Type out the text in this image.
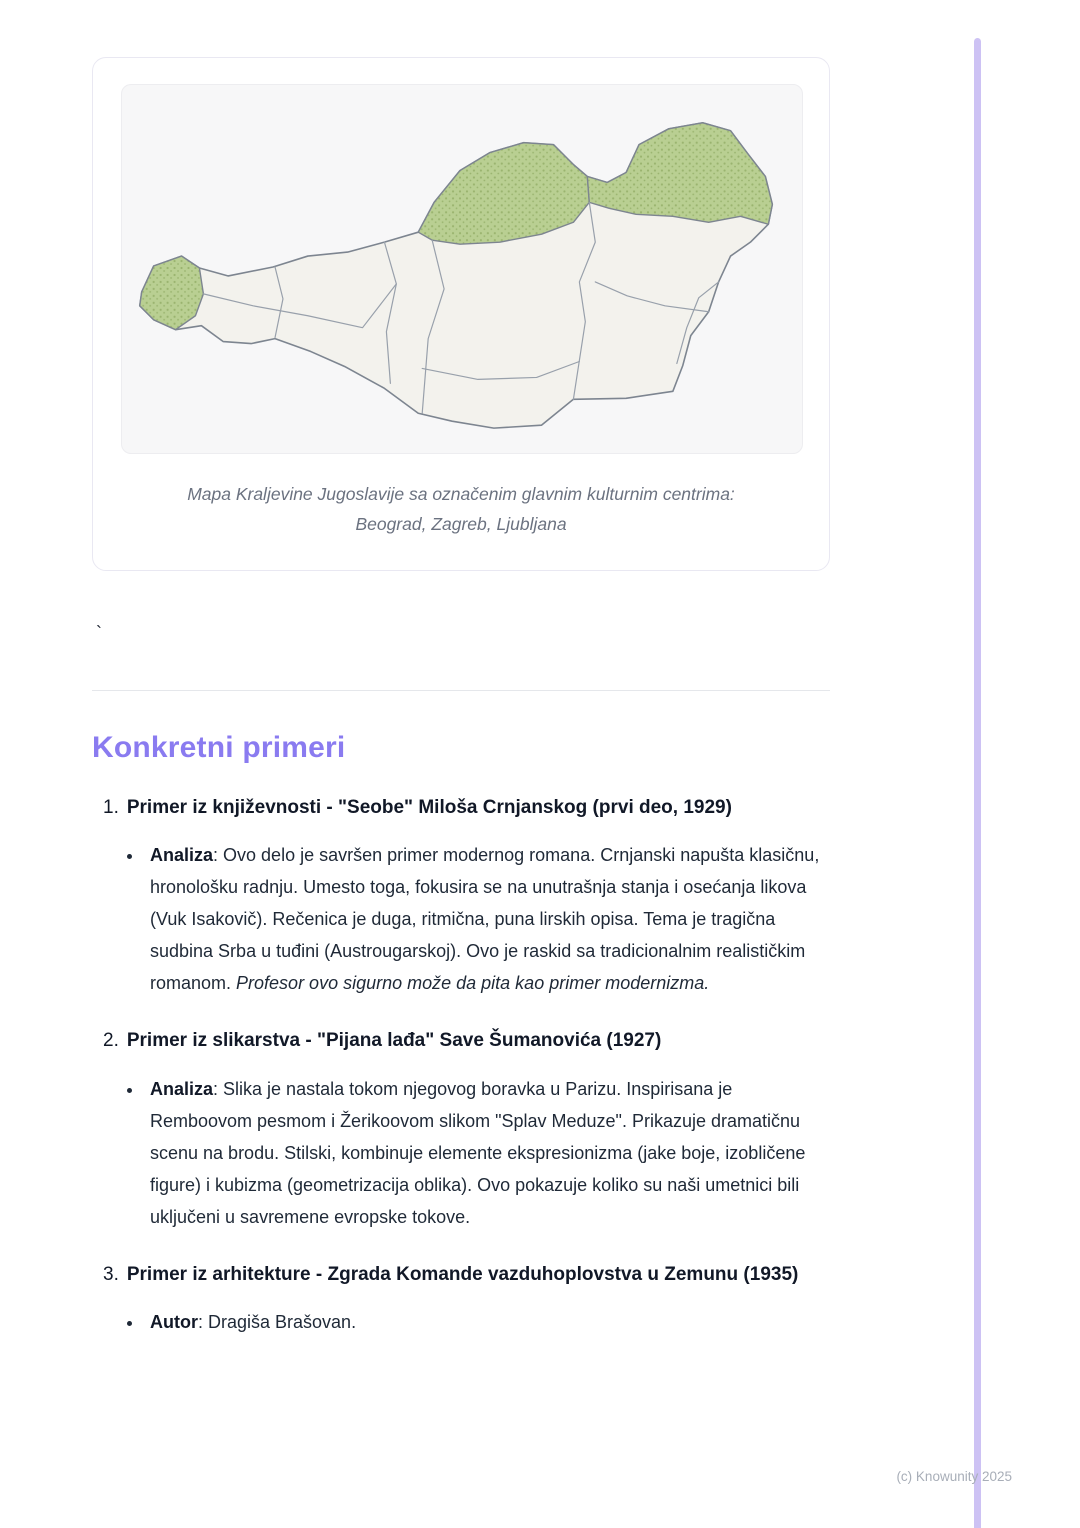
Mapa Kraljevine Jugoslavije sa označenim glavnim kulturnim centrima:
Beograd, Zagreb, Ljubljana
`
Konkretni primeri
1. Primer iz književnosti - "Seobe" Miloša Crnjanskog (prvi deo, 1929)
• Analiza: Ovo delo je savršen primer modernog romana. Crnjanski napušta klasičnu, hronološku radnju. Umesto toga, fokusira se na unutrašnja stanja i osećanja likova (Vuk Isakovič). Rečenica je duga, ritmična, puna lirskih opisa. Tema je tragična sudbina Srba u tuđini (Austrougarskoj). Ovo je raskid sa tradicionalnim realističkim romanom. Profesor ovo sigurno može da pita kao primer modernizma.
2. Primer iz slikarstva - "Pijana lađa" Save Šumanovića (1927)
• Analiza: Slika je nastala tokom njegovog boravka u Parizu. Inspirisana je Remboovom pesmom i Žerikoovom slikom "Splav Meduze". Prikazuje dramatičnu scenu na brodu. Stilski, kombinuje elemente ekspresionizma (jake boje, izobličene figure) i kubizma (geometrizacija oblika). Ovo pokazuje koliko su naši umetnici bili uključeni u savremene evropske tokove.
3. Primer iz arhitekture - Zgrada Komande vazduhoplovstva u Zemunu (1935)
• Autor: Dragiša Brašovan.
(c) Knowunity 2025
